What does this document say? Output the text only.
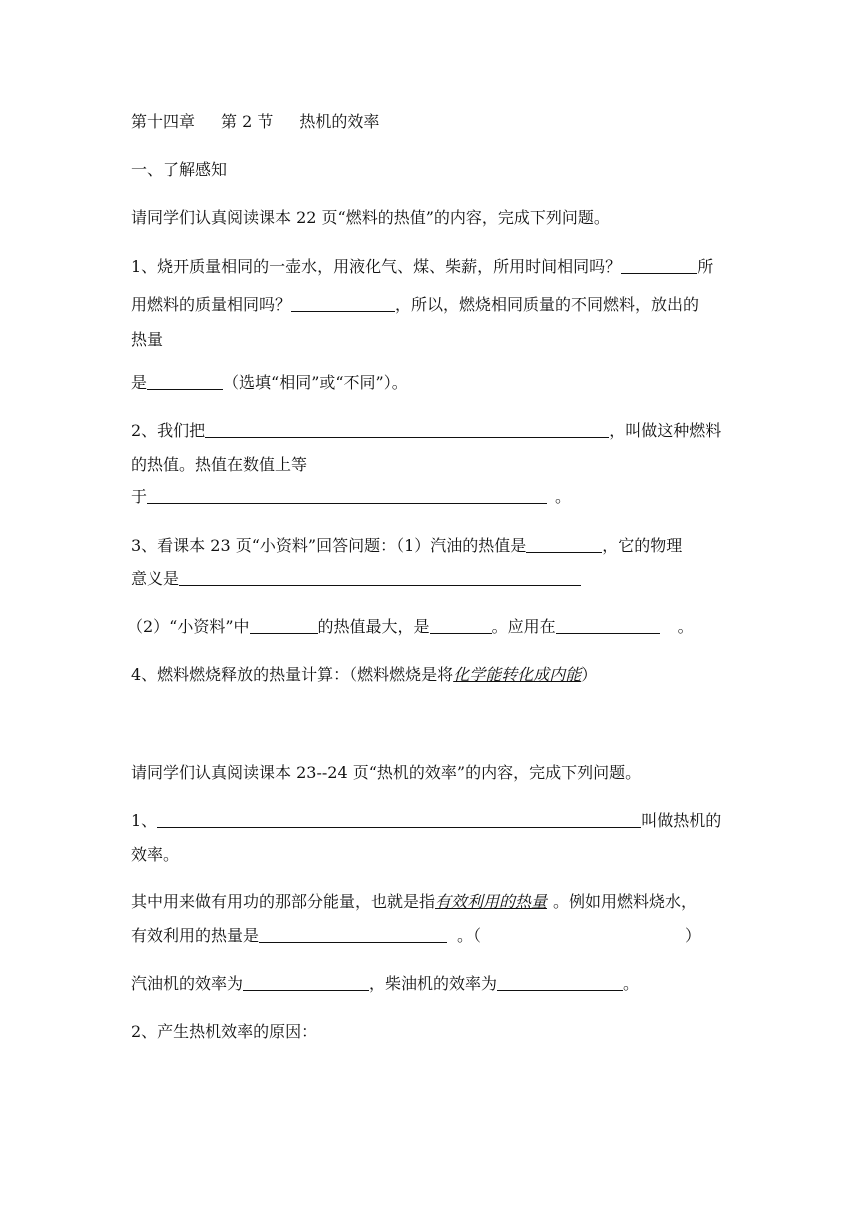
第十四章 第 2 节 热机的效率
一、了解感知
请同学们认真阅读课本 22 页“燃料的热值”的内容，完成下列问题。
1、烧开质量相同的一壶水，用液化气、煤、柴薪，所用时间相同吗？	所
用燃料的质量相同吗？	，所以，燃烧相同质量的不同燃料，放出的
热量
是	（选填“相同”或“不同”）。
2、我们把	，叫做这种燃料
的热值。热值在数值上等
于	。
3、看课本 23 页“小资料”回答问题：（1）汽油的热值是	，它的物理
意义是
（2）“小资料”中	的热值最大，是	。应用在	。
4、燃料燃烧释放的热量计算：（燃料燃烧是将化学能转化成内能）
请同学们认真阅读课本 23--24 页“热机的效率”的内容，完成下列问题。
1、	叫做热机的
效率。
其中用来做有用功的那部分能量，也就是指有效利用的热量 。例如用燃料烧水，
有效利用的热量是	。（	）
汽油机的效率为	，柴油机的效率为	。
2、产生热机效率的原因：
